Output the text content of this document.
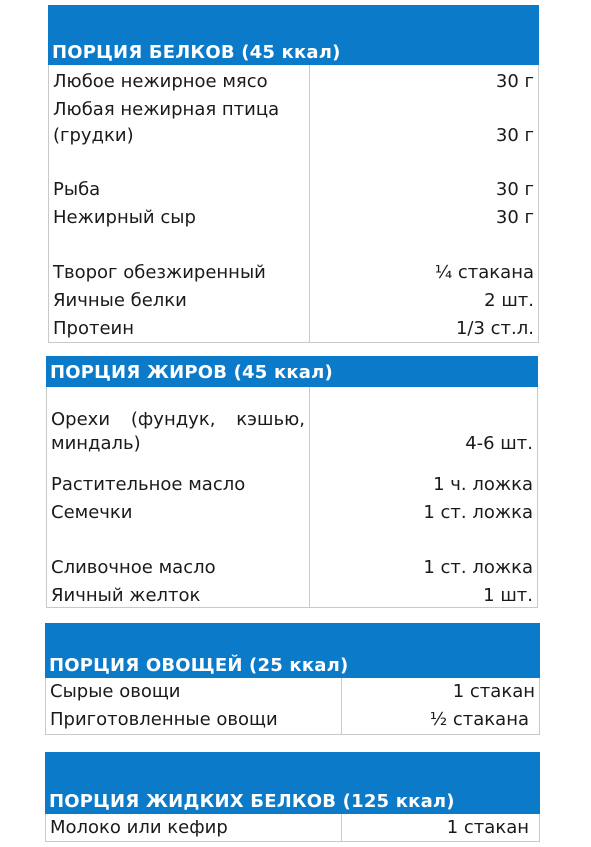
ПОРЦИЯ БЕЛКОВ (45 ккал)
Любое нежирное мясо	30 г
Любая нежирная птица
(грудки)	30 г
Рыба	30 г
Нежирный сыр	30 г
Творог обезжиренный	¼ стакана
Яичные белки	2 шт.
Протеин	1/3 ст.л.
ПОРЦИЯ ЖИРОВ (45 ккал)
Орехи (фундук, кэшью,
миндаль)	4-6 шт.
Растительное масло	1 ч. ложка
Семечки	1 ст. ложка
Сливочное масло	1 ст. ложка
Яичный желток	1 шт.
ПОРЦИЯ ОВОЩЕЙ (25 ккал)
Сырые овощи	1 стакан
Приготовленные овощи	½ стакана
ПОРЦИЯ ЖИДКИХ БЕЛКОВ (125 ккал)
Молоко или кефир	1 стакан
